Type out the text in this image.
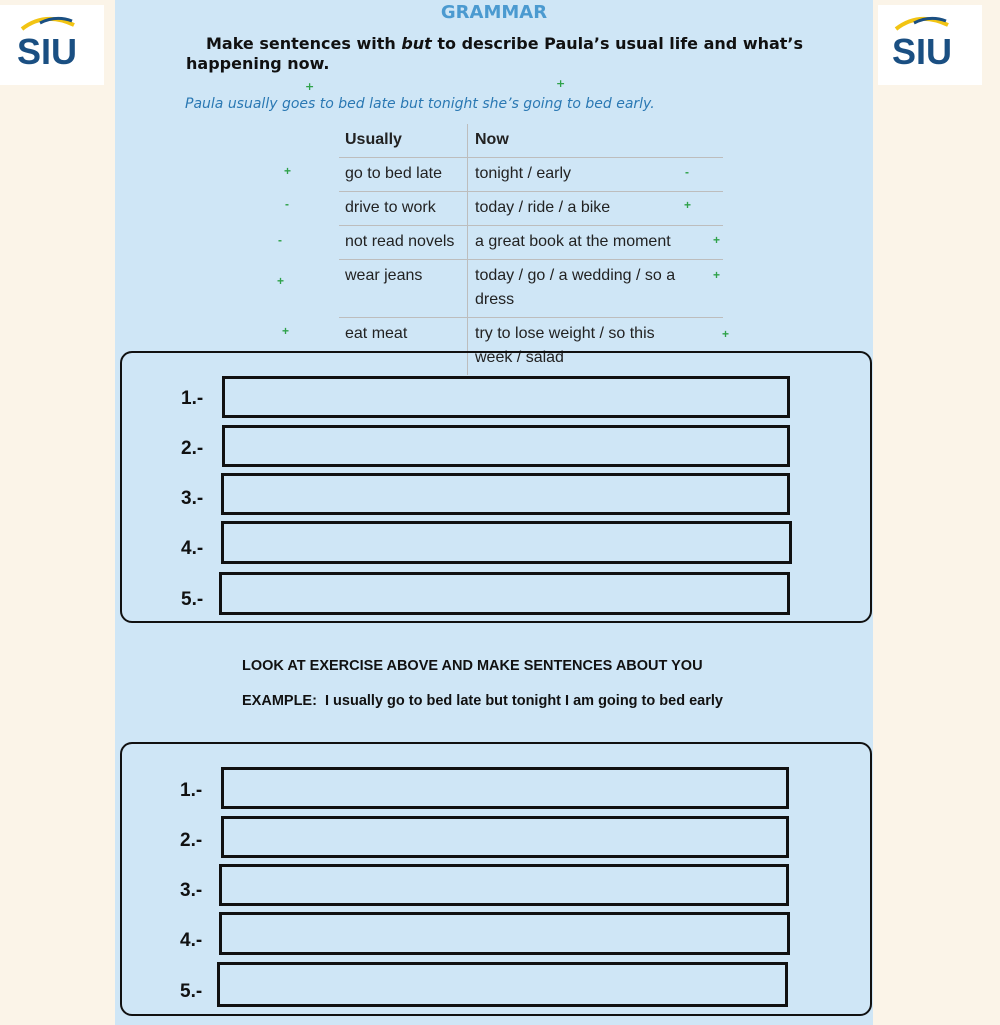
SIU	SIU
GRAMMAR
Make sentences with but to describe Paula’s usual life and what’s happening now.
+	+
Paula usually goes to bed late but tonight she’s going to bed early.
Usually	Now
+	go to bed late	tonight / early	-
-	drive to work	today / ride / a bike	+
-	not read novels	a great book at the moment	+
+	wear jeans	today / go / a wedding / so a dress
+
+	eat meat	try to lose weight / so this week / salad
+
1.-
2.-
3.-
4.-
5.-
LOOK AT EXERCISE ABOVE AND MAKE SENTENCES ABOUT YOU
EXAMPLE: I usually go to bed late but tonight I am going to bed early
1.-
2.-
3.-
4.-
5.-
